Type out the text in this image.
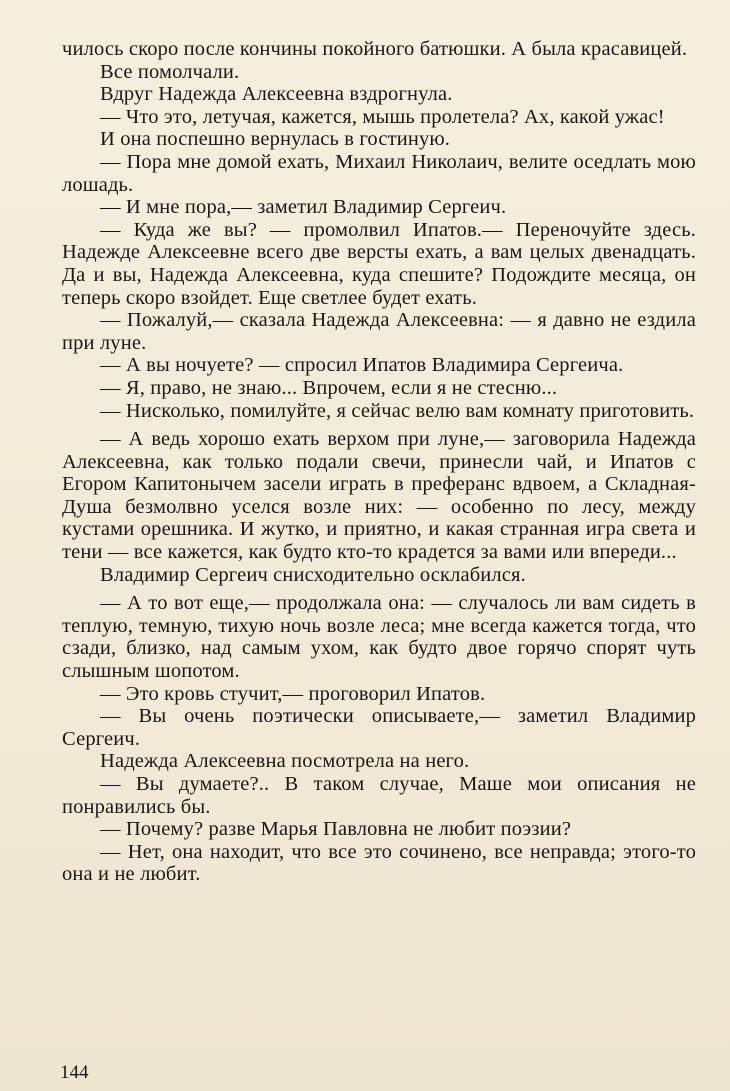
чилось скоро после кончины покойного батюшки. А была красавицей.

Все помолчали.

Вдруг Надежда Алексеевна вздрогнула.

— Что это, летучая, кажется, мышь пролетела? Ах, какой ужас!

И она поспешно вернулась в гостиную.

— Пора мне домой ехать, Михаил Николаич, велите оседлать мою лошадь.

— И мне пора,— заметил Владимир Сергеич.

— Куда же вы? — промолвил Ипатов.— Переночуйте здесь. Надежде Алексеевне всего две версты ехать, а вам целых двенадцать. Да и вы, Надежда Алексеевна, куда спешите? Подождите месяца, он теперь скоро взойдет. Еще светлее будет ехать.

— Пожалуй,— сказала Надежда Алексеевна: — я давно не ездила при луне.

— А вы ночуете? — спросил Ипатов Владимира Сергеича.

— Я, право, не знаю... Впрочем, если я не стесню...

— Нисколько, помилуйте, я сейчас велю вам комнату приготовить.

— А ведь хорошо ехать верхом при луне,— заговорила Надежда Алексеевна, как только подали свечи, принесли чай, и Ипатов с Егором Капитонычем засели играть в преферанс вдвоем, а Складная-Душа безмолвно уселся возле них: — особенно по лесу, между кустами орешника. И жутко, и приятно, и какая странная игра света и тени — все кажется, как будто кто-то крадется за вами или впереди...

Владимир Сергеич снисходительно осклабился.

— А то вот еще,— продолжала она: — случалось ли вам сидеть в теплую, темную, тихую ночь возле леса; мне всегда кажется тогда, что сзади, близко, над самым ухом, как будто двое горячо спорят чуть слышным шопотом.

— Это кровь стучит,— проговорил Ипатов.

— Вы очень поэтически описываете,— заметил Владимир Сергеич.

Надежда Алексеевна посмотрела на него.

— Вы думаете?.. В таком случае, Маше мои описания не понравились бы.

— Почему? разве Марья Павловна не любит поэзии?

— Нет, она находит, что все это сочинено, все неправда; этого-то она и не любит.

144
